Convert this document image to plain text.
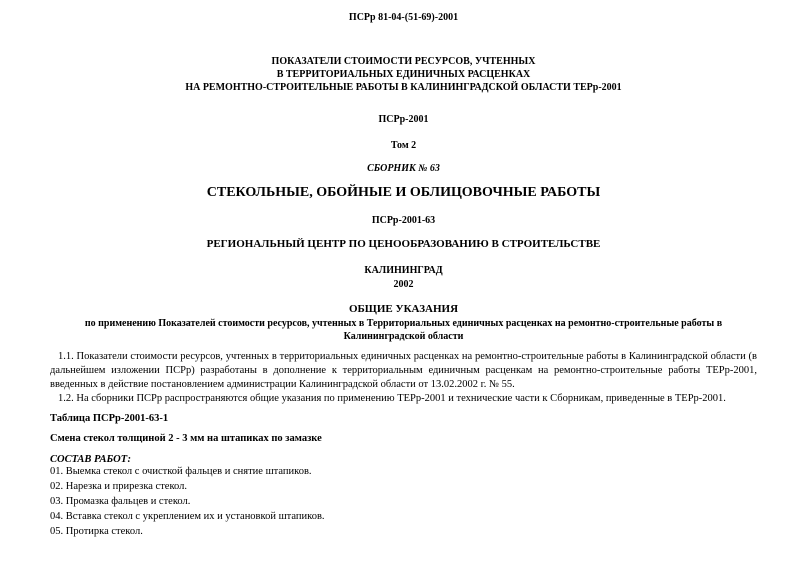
ПСРр 81-04-(51-69)-2001
ПОКАЗАТЕЛИ СТОИМОСТИ РЕСУРСОВ, УЧТЕННЫХ
В ТЕРРИТОРИАЛЬНЫХ ЕДИНИЧНЫХ РАСЦЕНКАХ
НА РЕМОНТНО-СТРОИТЕЛЬНЫЕ РАБОТЫ В КАЛИНИНГРАДСКОЙ ОБЛАСТИ ТЕРр-2001
ПСРр-2001
Том 2
СБОРНИК № 63
СТЕКОЛЬНЫЕ, ОБОЙНЫЕ И ОБЛИЦОВОЧНЫЕ РАБОТЫ
ПСРр-2001-63
РЕГИОНАЛЬНЫЙ ЦЕНТР ПО ЦЕНООБРАЗОВАНИЮ В СТРОИТЕЛЬСТВЕ
КАЛИНИНГРАД
2002
ОБЩИЕ УКАЗАНИЯ
по применению Показателей стоимости ресурсов, учтенных в Территориальных единичных расценках на ремонтно-строительные работы в
Калининградской области
1.1. Показатели стоимости ресурсов, учтенных в территориальных единичных расценках на ремонтно-строительные работы в Калининградской области (в дальнейшем изложении ПСРр) разработаны в дополнение к территориальным единичным расценкам на ремонтно-строительные работы ТЕРр-2001, введенных в действие постановлением администрации Калининградской области от 13.02.2002 г. № 55.
1.2. На сборники ПСРр распространяются общие указания по применению ТЕРр-2001 и технические части к Сборникам, приведенные в ТЕРр-2001.
Таблица ПСРр-2001-63-1
Смена стекол толщиной 2 - 3 мм на штапиках по замазке
СОСТАВ РАБОТ:
01. Выемка стекол с очисткой фальцев и снятие штапиков.
02. Нарезка и прирезка стекол.
03. Промазка фальцев и стекол.
04. Вставка стекол с укреплением их и установкой штапиков.
05. Протирка стекол.
